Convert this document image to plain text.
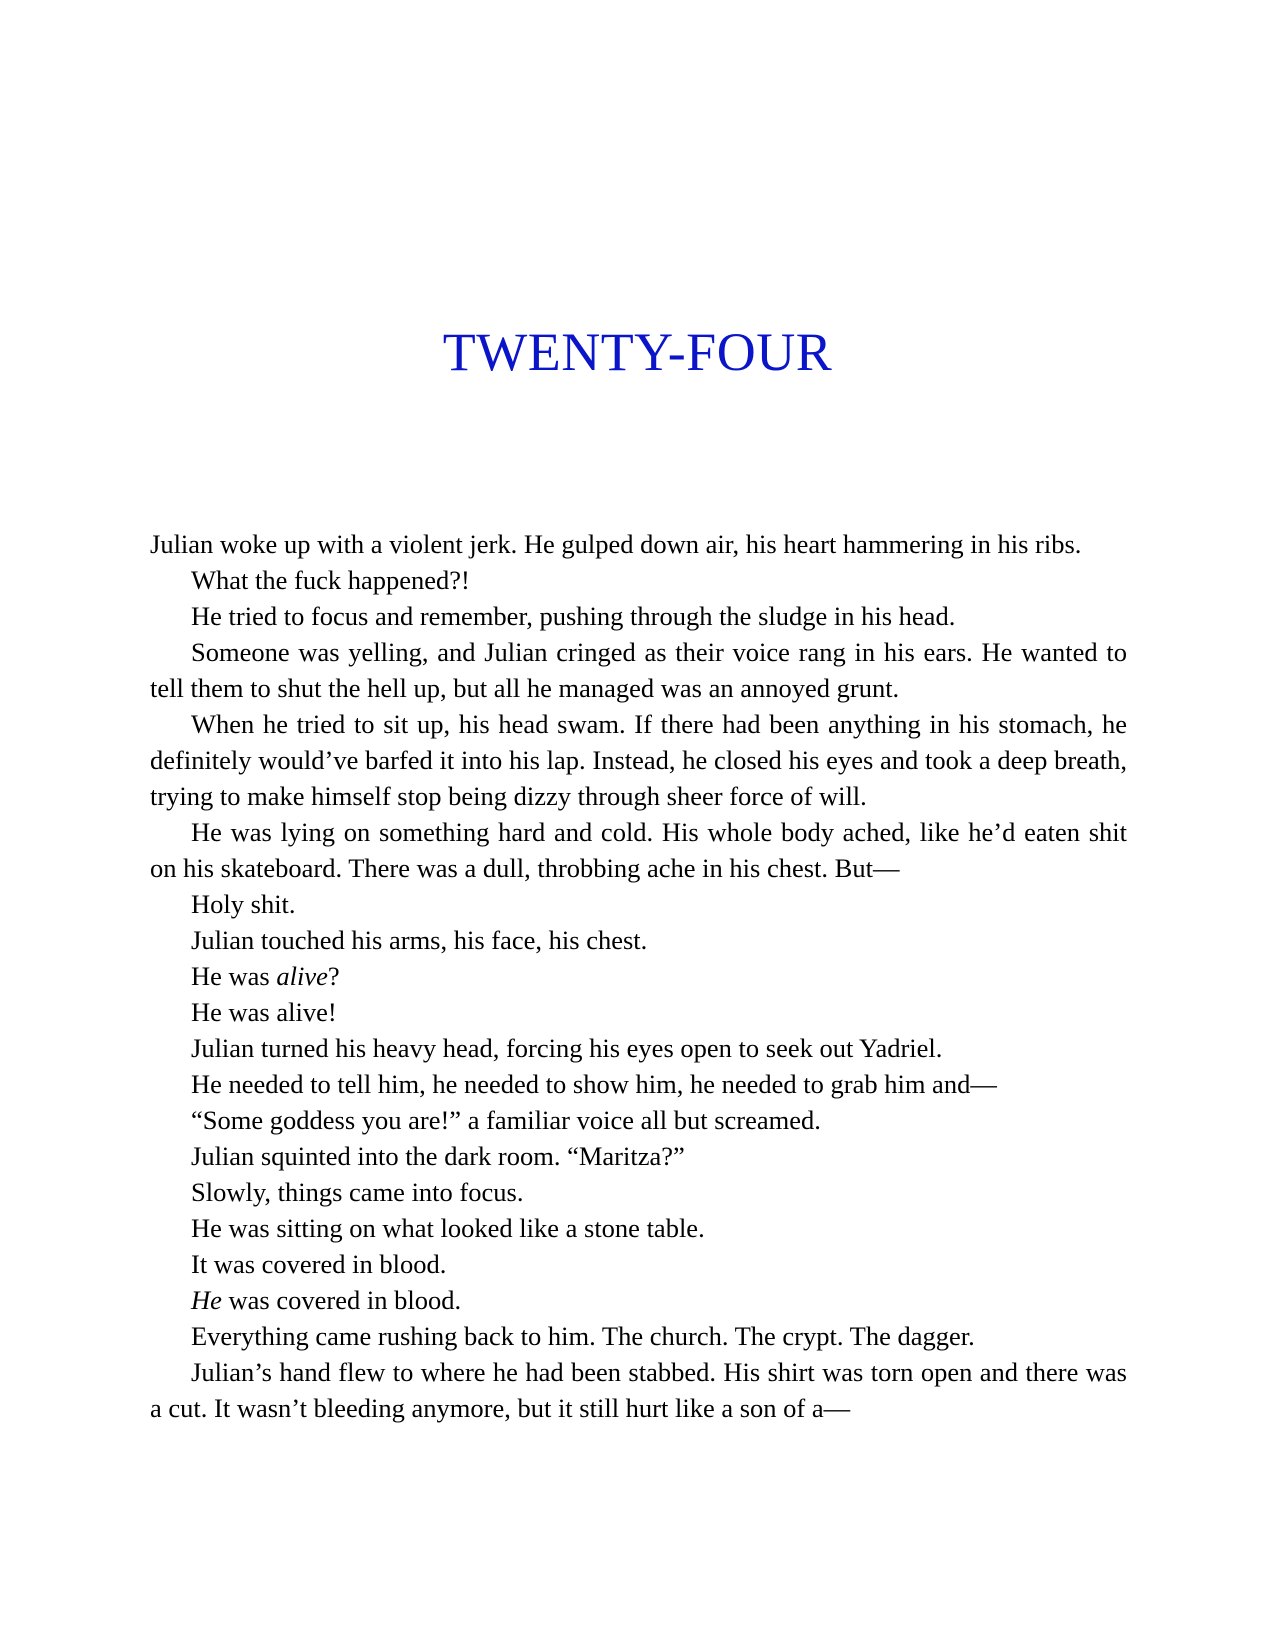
TWENTY-FOUR

Julian woke up with a violent jerk. He gulped down air, his heart hammering in his ribs.

What the fuck happened?!

He tried to focus and remember, pushing through the sludge in his head.

Someone was yelling, and Julian cringed as their voice rang in his ears. He wanted to tell them to shut the hell up, but all he managed was an annoyed grunt.

When he tried to sit up, his head swam. If there had been anything in his stomach, he definitely would’ve barfed it into his lap. Instead, he closed his eyes and took a deep breath, trying to make himself stop being dizzy through sheer force of will.

He was lying on something hard and cold. His whole body ached, like he’d eaten shit on his skateboard. There was a dull, throbbing ache in his chest. But—

Holy shit.

Julian touched his arms, his face, his chest.

He was alive?

He was alive!

Julian turned his heavy head, forcing his eyes open to seek out Yadriel.

He needed to tell him, he needed to show him, he needed to grab him and—

“Some goddess you are!” a familiar voice all but screamed.

Julian squinted into the dark room. “Maritza?”

Slowly, things came into focus.

He was sitting on what looked like a stone table.

It was covered in blood.

He was covered in blood.

Everything came rushing back to him. The church. The crypt. The dagger.

Julian’s hand flew to where he had been stabbed. His shirt was torn open and there was a cut. It wasn’t bleeding anymore, but it still hurt like a son of a—
